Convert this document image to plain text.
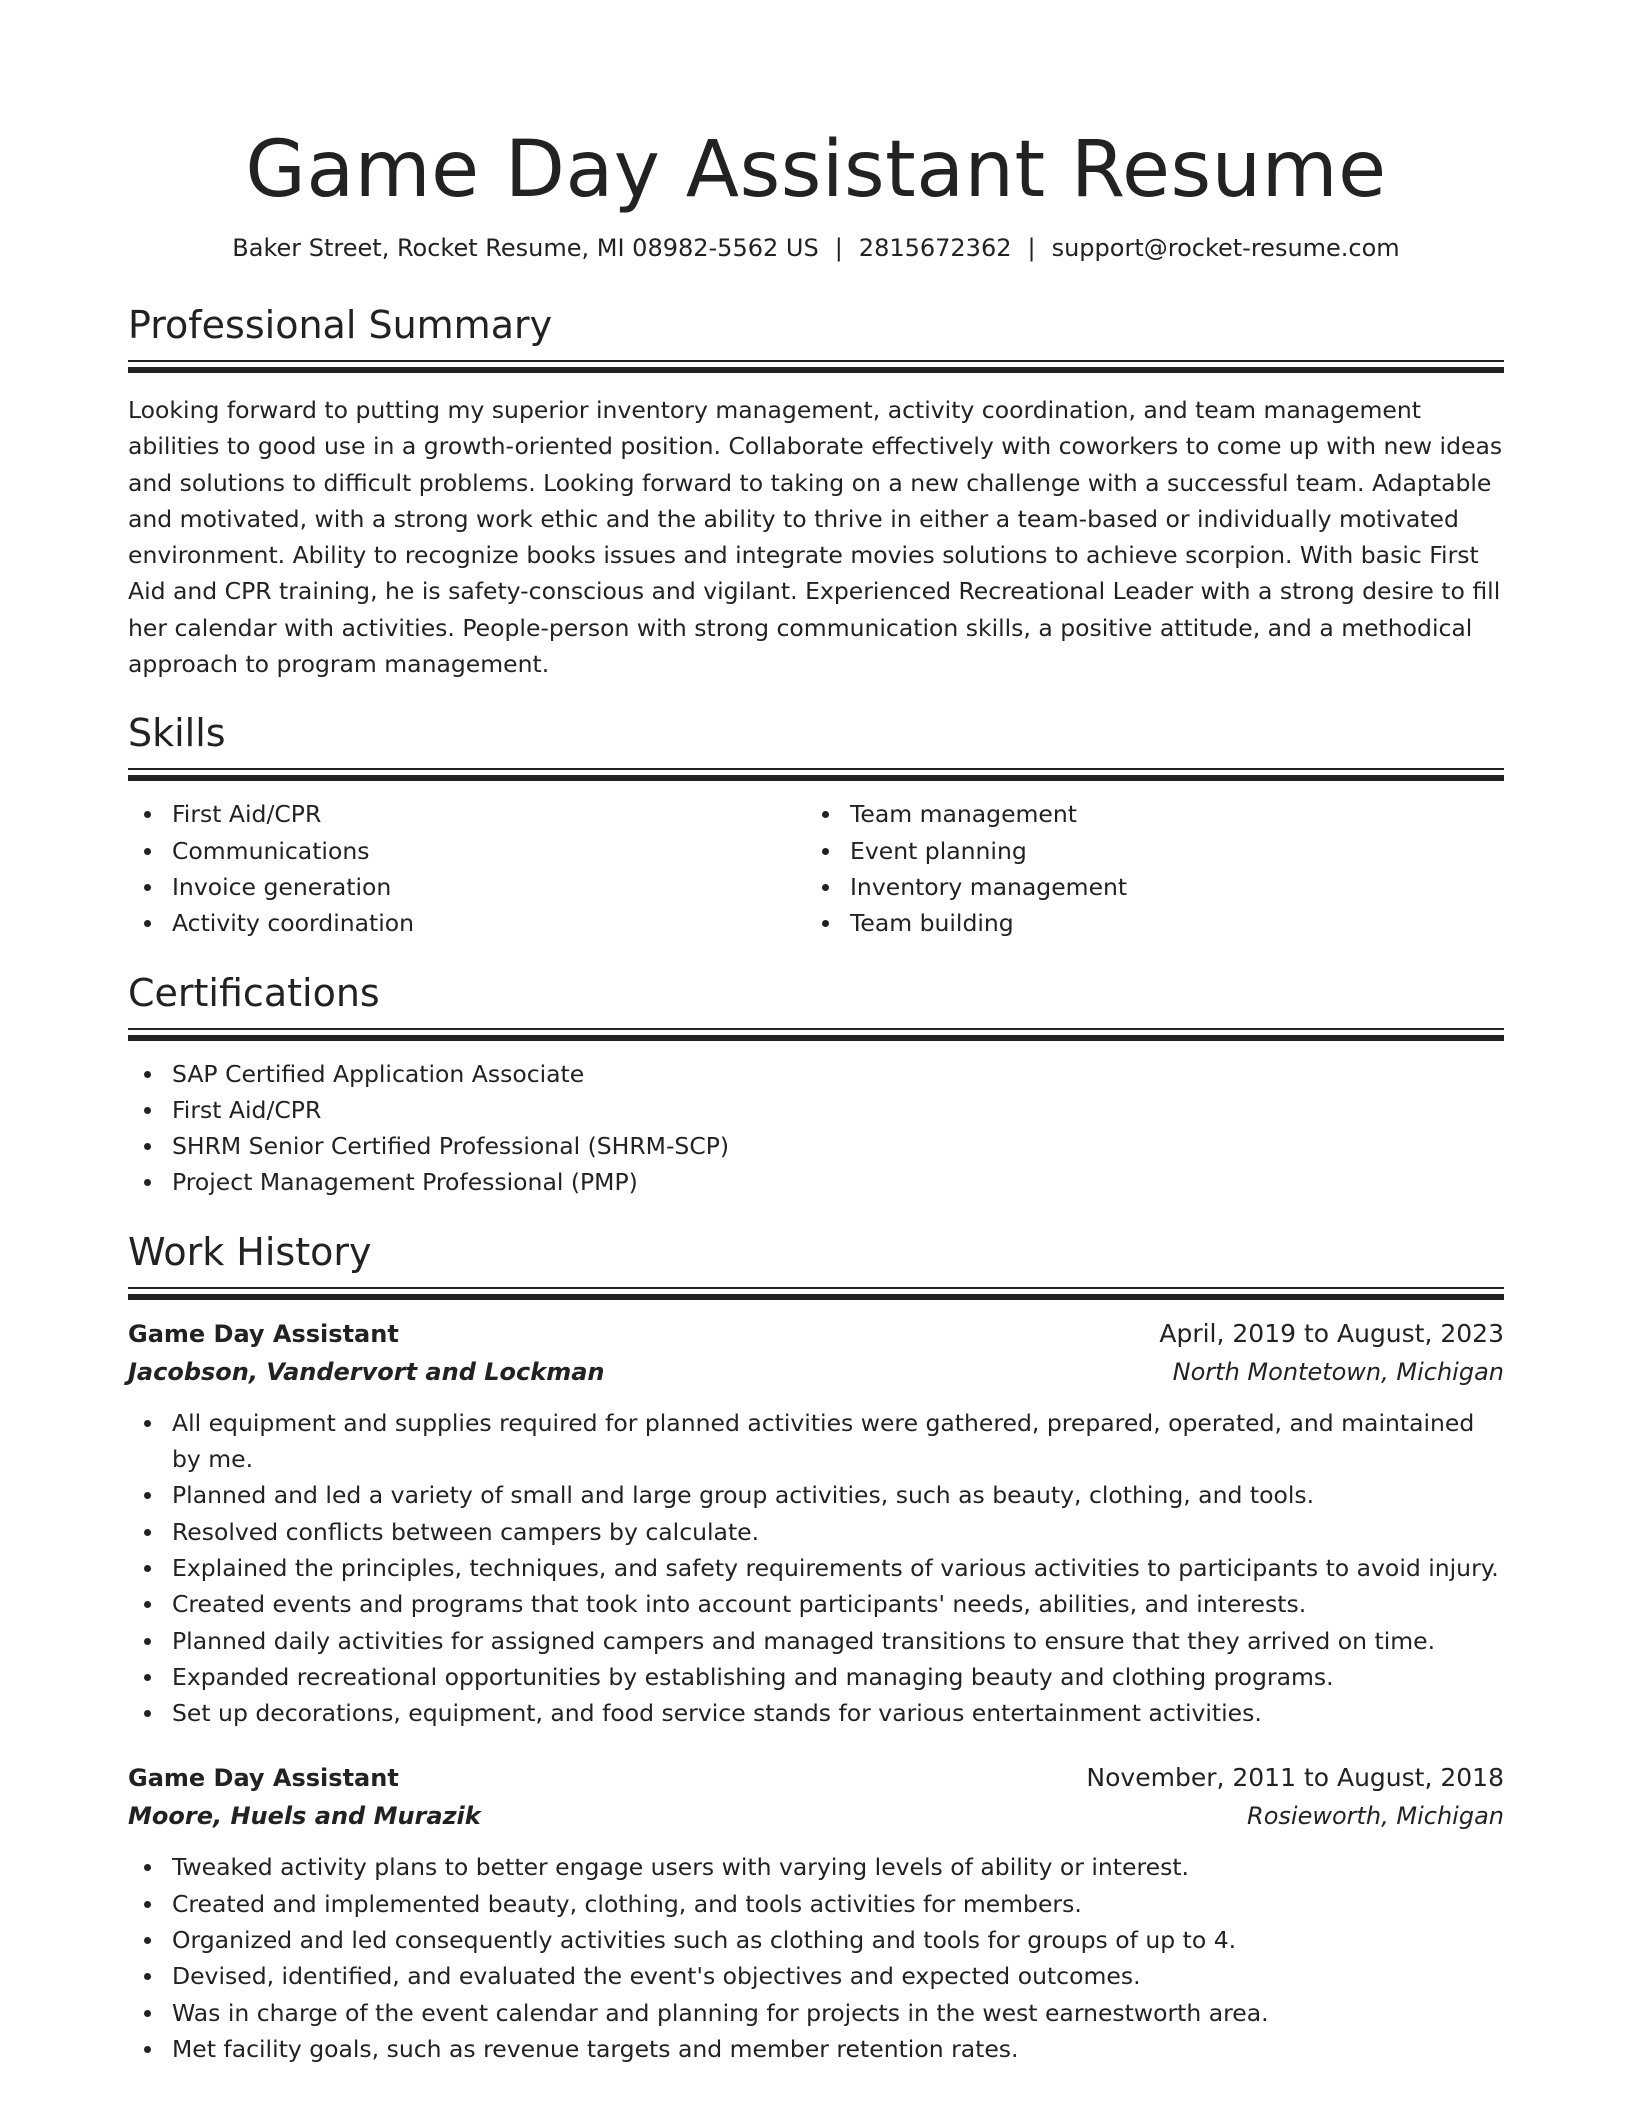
Game Day Assistant Resume
Baker Street, Rocket Resume, MI 08982-5562 US | 2815672362 | support@rocket-resume.com
Professional Summary
Looking forward to putting my superior inventory management, activity coordination, and team management abilities to good use in a growth-oriented position. Collaborate effectively with coworkers to come up with new ideas and solutions to difficult problems. Looking forward to taking on a new challenge with a successful team. Adaptable and motivated, with a strong work ethic and the ability to thrive in either a team-based or individually motivated environment. Ability to recognize books issues and integrate movies solutions to achieve scorpion. With basic First Aid and CPR training, he is safety-conscious and vigilant. Experienced Recreational Leader with a strong desire to fill her calendar with activities. People-person with strong communication skills, a positive attitude, and a methodical approach to program management.
Skills
First Aid/CPR
Communications
Invoice generation
Activity coordination
Team management
Event planning
Inventory management
Team building
Certifications
SAP Certified Application Associate
First Aid/CPR
SHRM Senior Certified Professional (SHRM-SCP)
Project Management Professional (PMP)
Work History
Game Day Assistant	April, 2019 to August, 2023
Jacobson, Vandervort and Lockman	North Montetown, Michigan
All equipment and supplies required for planned activities were gathered, prepared, operated, and maintained by me.
Planned and led a variety of small and large group activities, such as beauty, clothing, and tools.
Resolved conflicts between campers by calculate.
Explained the principles, techniques, and safety requirements of various activities to participants to avoid injury.
Created events and programs that took into account participants' needs, abilities, and interests.
Planned daily activities for assigned campers and managed transitions to ensure that they arrived on time.
Expanded recreational opportunities by establishing and managing beauty and clothing programs.
Set up decorations, equipment, and food service stands for various entertainment activities.
Game Day Assistant	November, 2011 to August, 2018
Moore, Huels and Murazik	Rosieworth, Michigan
Tweaked activity plans to better engage users with varying levels of ability or interest.
Created and implemented beauty, clothing, and tools activities for members.
Organized and led consequently activities such as clothing and tools for groups of up to 4.
Devised, identified, and evaluated the event's objectives and expected outcomes.
Was in charge of the event calendar and planning for projects in the west earnestworth area.
Met facility goals, such as revenue targets and member retention rates.
